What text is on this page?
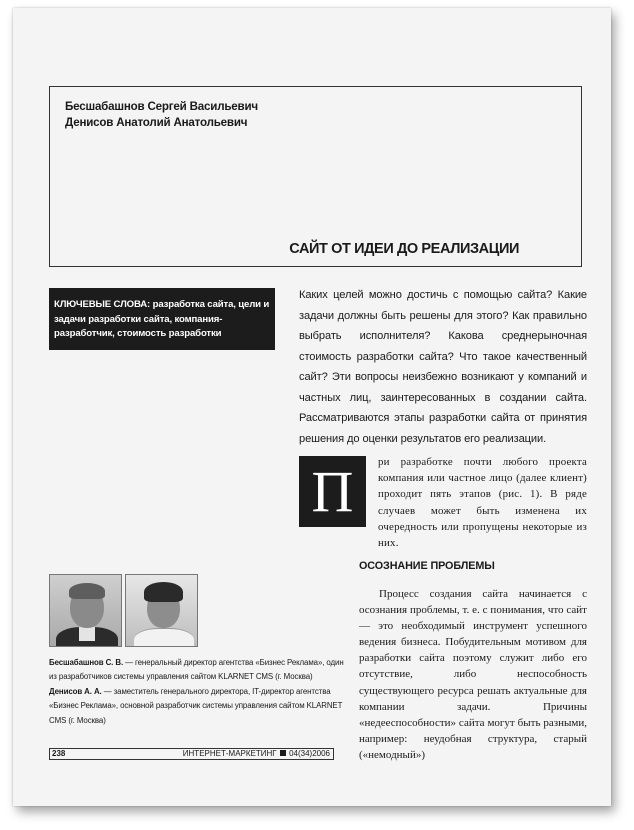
Бесшабашнов Сергей Васильевич
Денисов Анатолий Анатольевич
САЙТ ОТ ИДЕИ ДО РЕАЛИЗАЦИИ
КЛЮЧЕВЫЕ СЛОВА: разработка сайта, цели и задачи разработки сайта, компания-разработчик, стоимость разработки
Каких целей можно достичь с помощью сайта? Какие задачи должны быть решены для этого? Как правильно выбрать исполнителя? Какова среднерыночная стоимость разработки сайта? Что такое качественный сайт? Эти вопросы неизбежно возникают у компаний и частных лиц, заинтересованных в создании сайта. Рассматриваются этапы разработки сайта от принятия решения до оценки результатов его реализации.
П	ри разработке почти любого проекта компания или частное лицо (далее клиент) проходит пять этапов (рис. 1). В ряде случаев может быть изменена их очередность или пропущены некоторые из них.
ОСОЗНАНИЕ ПРОБЛЕМЫ
Процесс создания сайта начинается с осознания проблемы, т. е. с понимания, что сайт — это необходимый инструмент успешного ведения бизнеса. Побудительным мотивом для разработки сайта поэтому служит либо его отсутствие, либо неспособность существующего ресурса решать актуальные для компании задачи. Причины «недееспособности» сайта могут быть разными, например: неудобная структура, старый («немодный»)
Бесшабашнов С. В. — генеральный директор агентства «Бизнес Реклама», один из разработчиков системы управления сайтом KLARNET CMS (г. Москва)
Денисов А. А. — заместитель генерального директора, IT-директор агентства «Бизнес Реклама», основной разработчик системы управления сайтом KLARNET CMS (г. Москва)
238	ИНТЕРНЕТ-МАРКЕТИНГ 04(34)2006
